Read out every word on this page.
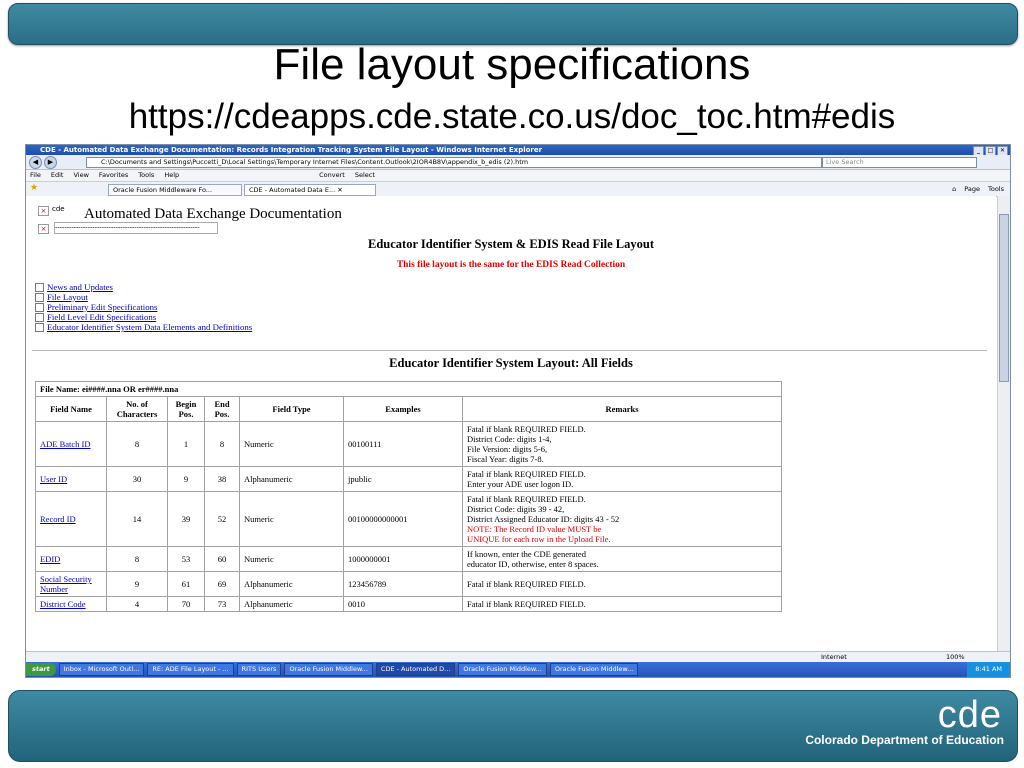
File layout specifications
https://cdeapps.cde.state.co.us/doc_toc.htm#edis
CDE - Automated Data Exchange Documentation: Records Integration Tracking System File Layout - Windows Internet Explorer	_	□	✕
◀	▶	C:\Documents and Settings\Puccetti_D\Local Settings\Temporary Internet Files\Content.Outlook\2IOR4B8V\appendix_b_edis (2).htm	Live Search
File Edit View Favorites Tools Help	Convert Select
★	Oracle Fusion Middleware Fo...	CDE - Automated Data E... ✕	⌂ Page Tools
× cde Automated Data Exchange Documentation
×	--------------------------------------------------------------
Educator Identifier System & EDIS Read File Layout
This file layout is the same for the EDIS Read Collection
News and Updates
File Layout
Preliminary Edit Specifications
Field Level Edit Specifications
Educator Identifier System Data Elements and Definitions
Educator Identifier System Layout: All Fields
File Name: ei####.nna OR er####.nna						
Field Name	No. of Characters	Begin Pos.	End Pos.	Field Type	Examples	Remarks
ADE Batch ID	8	1	8	Numeric	00100111	Fatal if blank REQUIRED FIELD.
District Code: digits 1-4,
File Version: digits 5-6,
Fiscal Year: digits 7-8.

User ID	30	9	38	Alphanumeric	jpublic	Fatal if blank REQUIRED FIELD.
Enter your ADE user logon ID.

Record ID	14	39	52	Numeric	00100000000001	Fatal if blank REQUIRED FIELD.
District Code: digits 39 - 42,
District Assigned Educator ID: digits 43 - 52
NOTE: The Record ID value MUST be
UNIQUE for each row in the Upload File.

EDID	8	53	60	Numeric	1000000001	If known, enter the CDE generated
educator ID, otherwise, enter 8 spaces.

Social Security Number	9	61	69	Alphanumeric	123456789	Fatal if blank REQUIRED FIELD.

District Code	4	70	73	Alphanumeric	0010	Fatal if blank REQUIRED FIELD.
Internet	100%
start	Inbox - Microsoft Outl...	RE: ADE File Layout - ...	RITS Users	Oracle Fusion Middlew...	CDE - Automated D...	Oracle Fusion Middlew...	Oracle Fusion Middlew...	8:41 AM
cde
Colorado Department of Education
